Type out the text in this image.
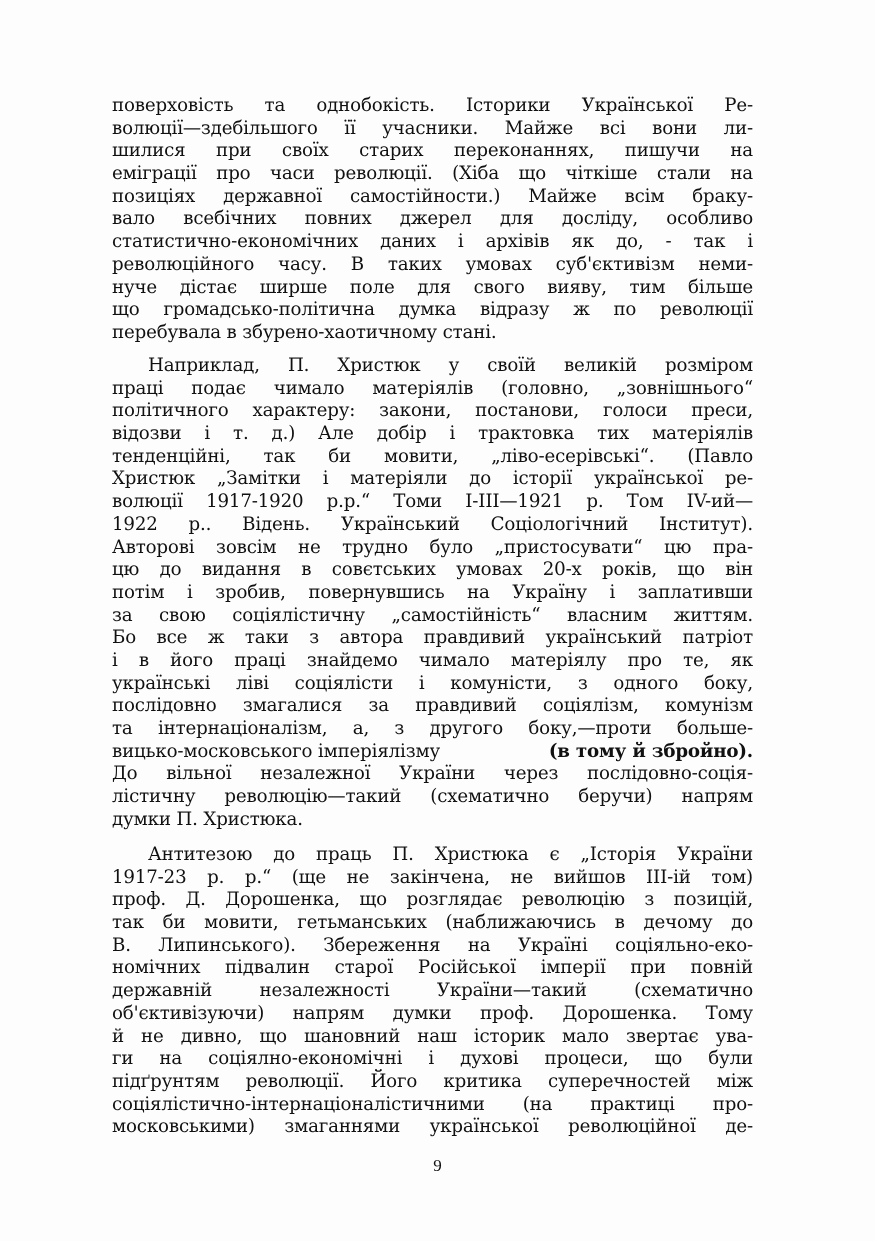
поверховість та однобокість. Історики Української Ре-
волюції—здебільшого її учасники. Майже всі вони ли-
шилися при своїх старих переконаннях, пишучи на
еміграції про часи революції. (Хіба що чіткіше стали на
позиціях державної самостійности.) Майже всім браку-
вало всебічних повних джерел для досліду, особливо
статистично-економічних даних і архівів як до, - так і
революційного часу. В таких умовах суб'єктивізм неми-
нуче дістає ширше поле для свого вияву, тим більше
що громадсько-політична думка відразу ж по революції
перебувала в збурено-хаотичному стані.
Наприклад, П. Христюк у своїй великій розміром
праці подає чимало матеріялів (головно, „зовнішнього“
політичного характеру: закони, постанови, голоси преси,
відозви і т. д.) Але добір і трактовка тих матеріялів
тенденційні, так би мовити, „ліво-есерівські“. (Павло
Христюк „Замітки і матеріяли до історії української ре-
волюції 1917-1920 р.р.“ Томи I-III—1921 р. Том IV-ий—
1922 р.. Відень. Український Соціологічний Інститут).
Авторові зовсім не трудно було „пристосувати“ цю пра-
цю до видання в совєтських умовах 20-х років, що він
потім і зробив, повернувшись на Україну і заплативши
за свою соціялістичну „самостійність“ власним життям.
Бо все ж таки з автора правдивий український патріот
і в його праці знайдемо чимало матеріялу про те, як
українські ліві соціялісти і комуністи, з одного боку,
послідовно змагалися за правдивий соціялізм, комунізм
та інтернаціоналізм, а, з другого боку,—проти больше-
вицько-московського імперіялізму	(в тому й збройно).
До вільної незалежної України через послідовно-соція-
лістичну революцію—такий (схематично беручи) напрям
думки П. Христюка.
Антитезою до праць П. Христюка є „Історія України
1917-23 р. р.“ (ще не закінчена, не вийшов III-ій том)
проф. Д. Дорошенка, що розглядає революцію з позицій,
так би мовити, гетьманських (наближаючись в дечому до
В. Липинського). Збереження на Україні соціяльно-еко-
номічних підвалин старої Російської імперії при повній
державній незалежності України—такий (схематично
об'єктивізуючи) напрям думки проф. Дорошенка. Тому
й не дивно, що шановний наш історик мало звертає ува-
ги на соціялно-економічні і духові процеси, що були
підґрунтям революції. Його критика суперечностей між
соціялістично-інтернаціоналістичними (на практиці про-
московськими) змаганнями української революційної де-
9
